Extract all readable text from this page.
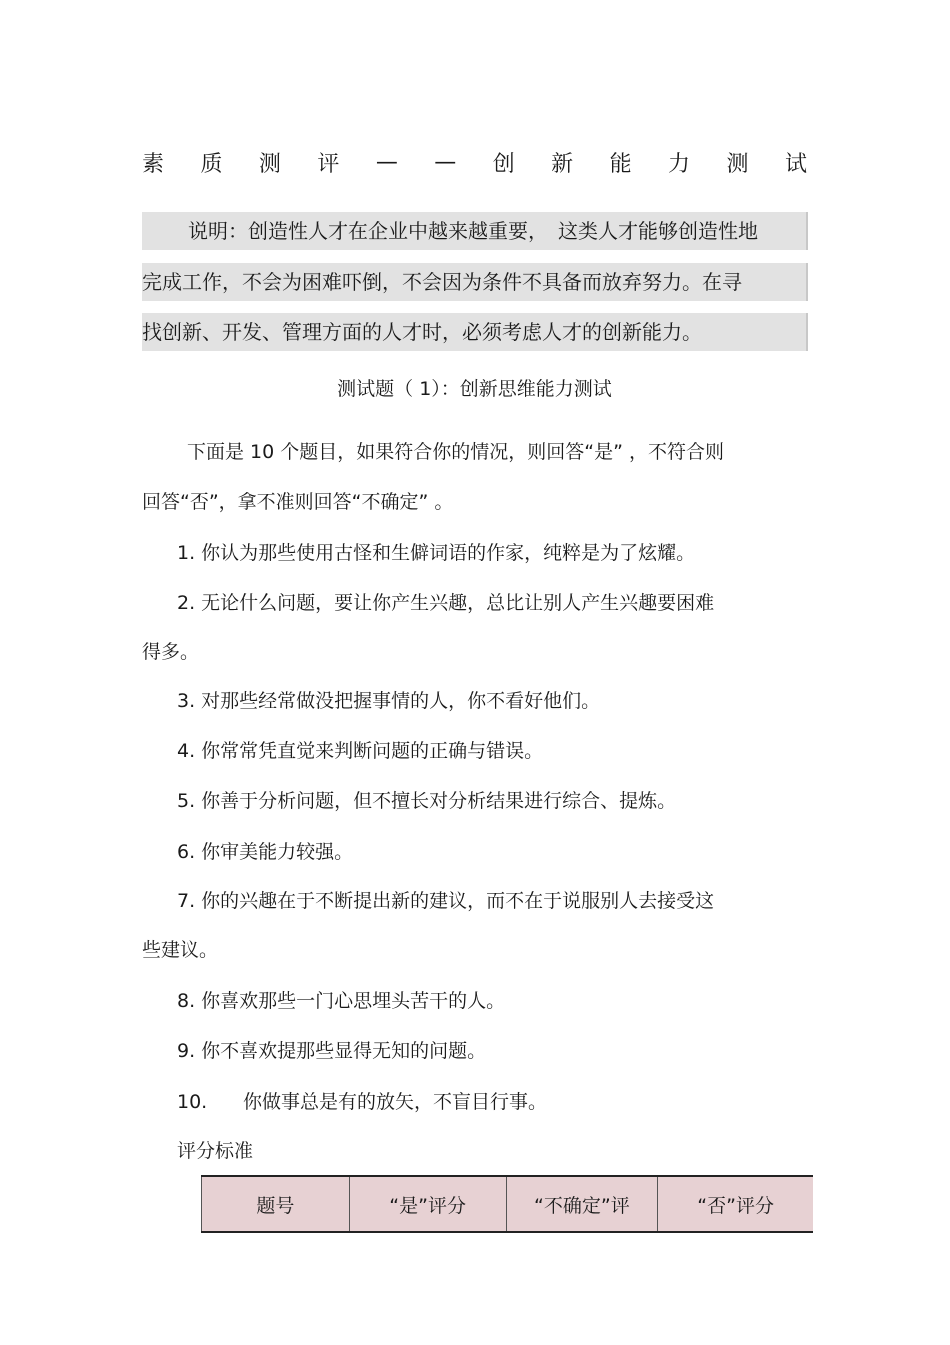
素 质 测 评 — — 创 新 能 力 测 试
说明：创造性人才在企业中越来越重要，　这类人才能够创造性地
完成工作，不会为困难吓倒，不会因为条件不具备而放弃努力。在寻
找创新、开发、管理方面的人才时，必须考虑人才的创新能力。
测试题（ 1）：创新思维能力测试
下面是 10 个题目，如果符合你的情况，则回答“是” ，不符合则
回答“否”，拿不准则回答“不确定” 。
1. 你认为那些使用古怪和生僻词语的作家，纯粹是为了炫耀。
2. 无论什么问题，要让你产生兴趣，总比让别人产生兴趣要困难
得多。
3. 对那些经常做没把握事情的人，你不看好他们。
4. 你常常凭直觉来判断问题的正确与错误。
5. 你善于分析问题，但不擅长对分析结果进行综合、提炼。
6. 你审美能力较强。
7. 你的兴趣在于不断提出新的建议，而不在于说服别人去接受这
些建议。
8. 你喜欢那些一门心思埋头苦干的人。
9. 你不喜欢提那些显得无知的问题。
10. 你做事总是有的放矢，不盲目行事。
评分标准
题号	“是”评分	“不确定”评	“否”评分
